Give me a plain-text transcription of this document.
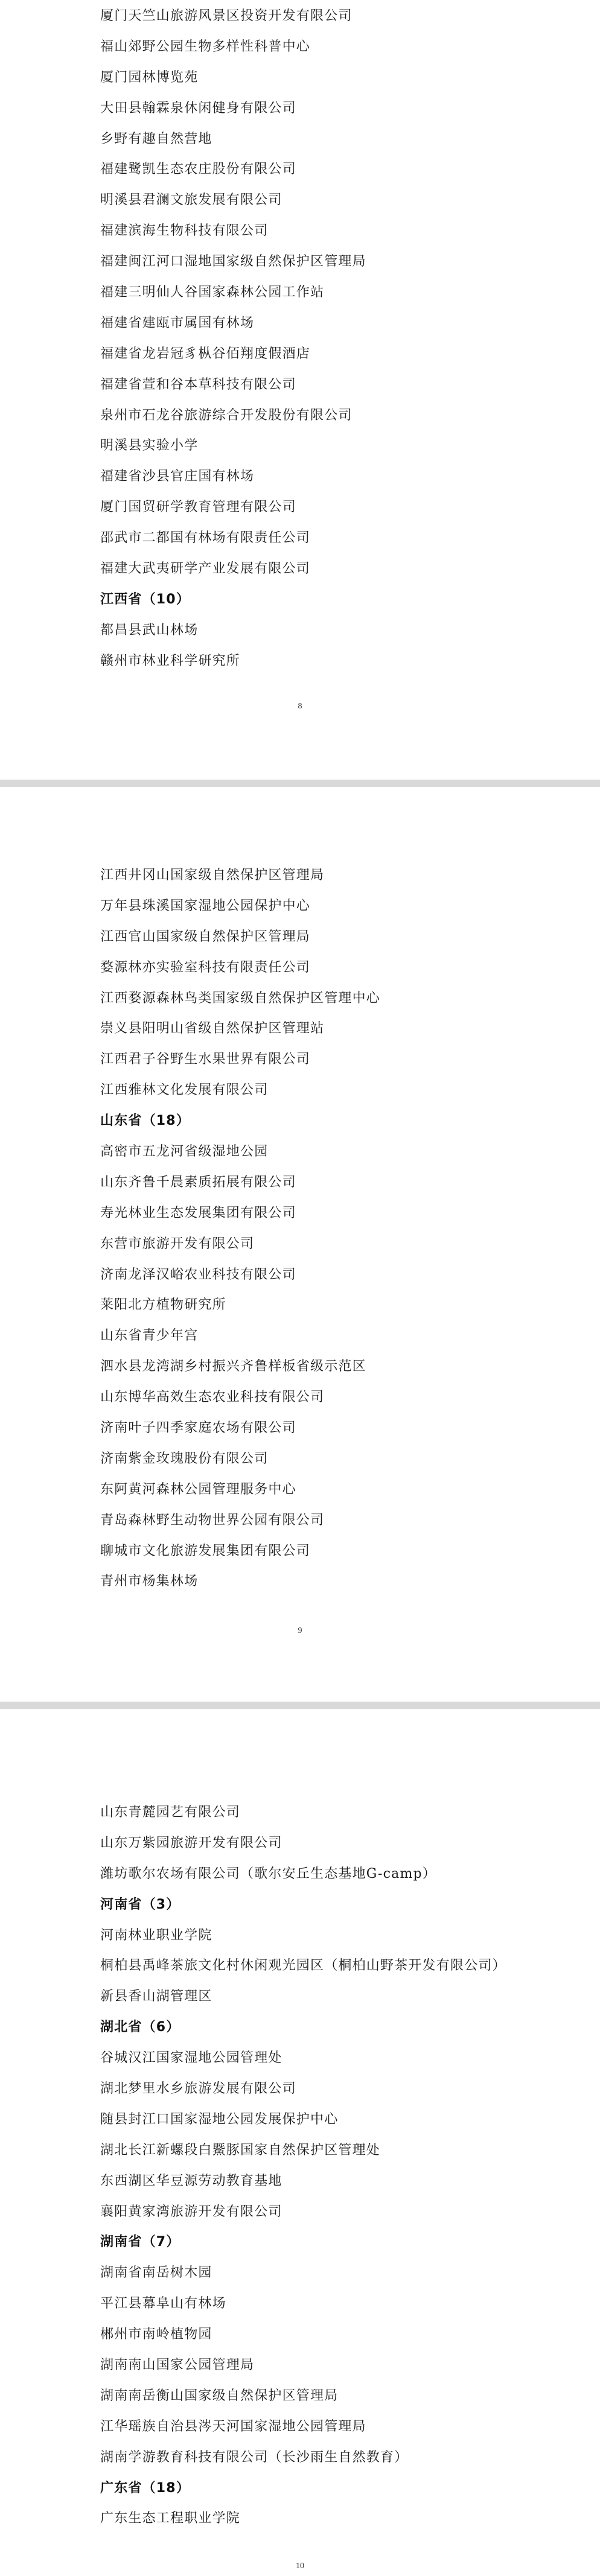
厦门天竺山旅游风景区投资开发有限公司
福山郊野公园生物多样性科普中心
厦门园林博览苑
大田县翰霖泉休闲健身有限公司
乡野有趣自然营地
福建鹭凯生态农庄股份有限公司
明溪县君澜文旅发展有限公司
福建滨海生物科技有限公司
福建闽江河口湿地国家级自然保护区管理局
福建三明仙人谷国家森林公园工作站
福建省建瓯市属国有林场
福建省龙岩冠豸枞谷佰翔度假酒店
福建省萱和谷本草科技有限公司
泉州市石龙谷旅游综合开发股份有限公司
明溪县实验小学
福建省沙县官庄国有林场
厦门国贸研学教育管理有限公司
邵武市二都国有林场有限责任公司
福建大武夷研学产业发展有限公司
江西省（10）
都昌县武山林场
赣州市林业科学研究所
8
江西井冈山国家级自然保护区管理局
万年县珠溪国家湿地公园保护中心
江西官山国家级自然保护区管理局
婺源林亦实验室科技有限责任公司
江西婺源森林鸟类国家级自然保护区管理中心
崇义县阳明山省级自然保护区管理站
江西君子谷野生水果世界有限公司
江西雅林文化发展有限公司
山东省（18）
高密市五龙河省级湿地公园
山东齐鲁千晨素质拓展有限公司
寿光林业生态发展集团有限公司
东营市旅游开发有限公司
济南龙泽汉峪农业科技有限公司
莱阳北方植物研究所
山东省青少年宫
泗水县龙湾湖乡村振兴齐鲁样板省级示范区
山东博华高效生态农业科技有限公司
济南叶子四季家庭农场有限公司
济南紫金玫瑰股份有限公司
东阿黄河森林公园管理服务中心
青岛森林野生动物世界公园有限公司
聊城市文化旅游发展集团有限公司
青州市杨集林场
9
山东青麓园艺有限公司
山东万紫园旅游开发有限公司
潍坊歌尔农场有限公司（歌尔安丘生态基地G-camp）
河南省（3）
河南林业职业学院
桐柏县禹峰茶旅文化村休闲观光园区（桐柏山野茶开发有限公司）
新县香山湖管理区
湖北省（6）
谷城汉江国家湿地公园管理处
湖北梦里水乡旅游发展有限公司
随县封江口国家湿地公园发展保护中心
湖北长江新螺段白鱀豚国家自然保护区管理处
东西湖区华豆源劳动教育基地
襄阳黄家湾旅游开发有限公司
湖南省（7）
湖南省南岳树木园
平江县幕阜山有林场
郴州市南岭植物园
湖南南山国家公园管理局
湖南南岳衡山国家级自然保护区管理局
江华瑶族自治县涔天河国家湿地公园管理局
湖南学游教育科技有限公司（长沙雨生自然教育）
广东省（18）
广东生态工程职业学院
10
